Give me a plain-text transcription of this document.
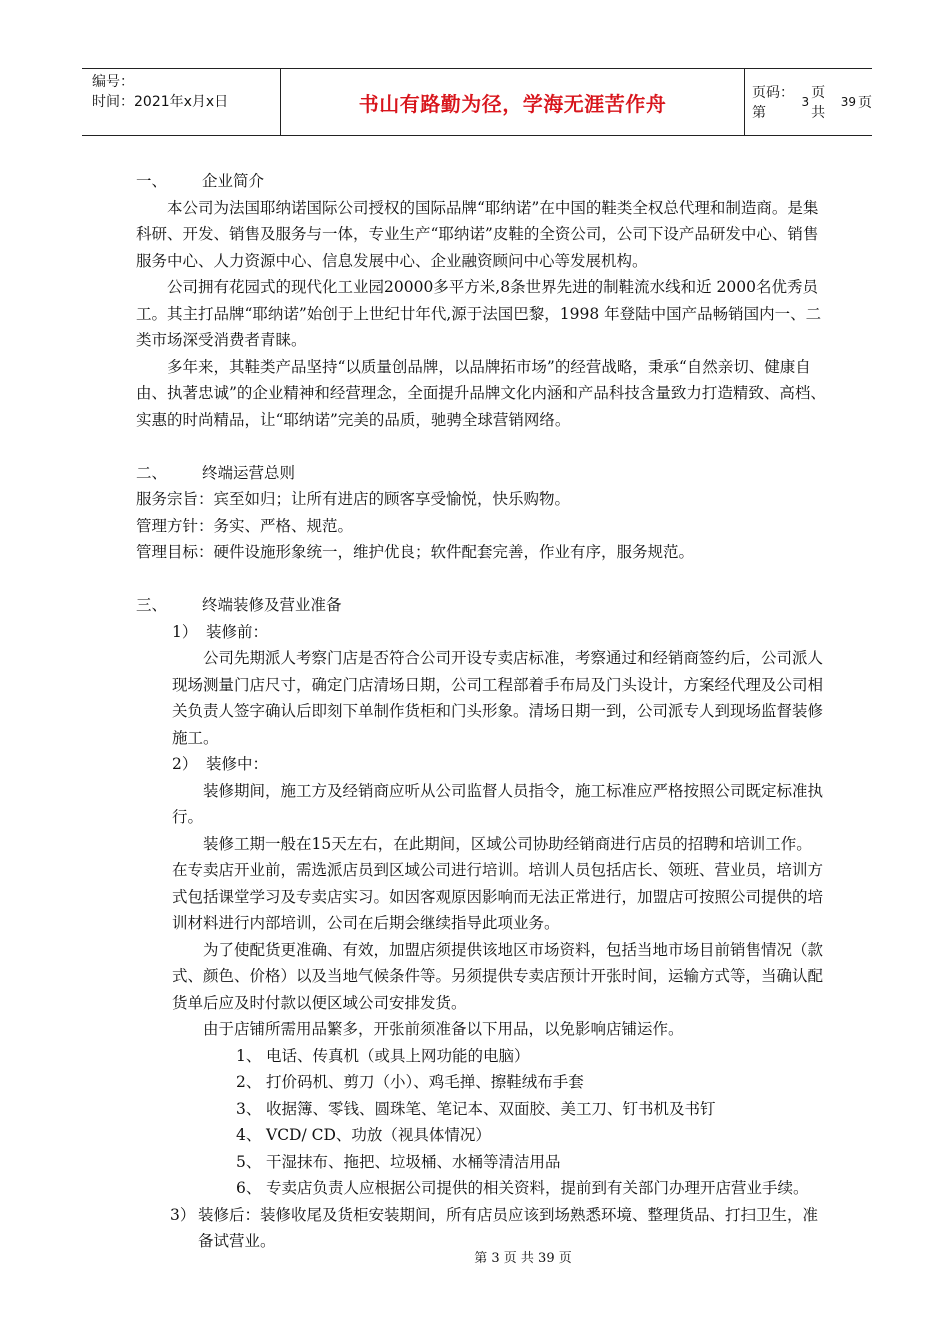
编号：
时间：2021年x月x日	书山有路勤为径，学海无涯苦作舟	页码：第
3
页 共
39 页

一、 企业简介

本公司为法国耶纳诺国际公司授权的国际品牌“耶纳诺”在中国的鞋类全权总代理和制造商。是集科研、开发、销售及服务与一体，专业生产“耶纳诺”皮鞋的全资公司，公司下设产品研发中心、销售服务中心、人力资源中心、信息发展中心、企业融资顾问中心等发展机构。

公司拥有花园式的现代化工业园20000多平方米,8条世界先进的制鞋流水线和近 2000名优秀员工。其主打品牌“耶纳诺”始创于上世纪廿年代,源于法国巴黎，1998 年登陆中国产品畅销国内一、二类市场深受消费者青睐。

多年来，其鞋类产品坚持“以质量创品牌，以品牌拓市场”的经营战略，秉承“自然亲切、健康自由、执著忠诚”的企业精神和经营理念，全面提升品牌文化内涵和产品科技含量致力打造精致、高档、实惠的时尚精品，让“耶纳诺”完美的品质，驰骋全球营销网络。

二、 终端运营总则

服务宗旨：宾至如归；让所有进店的顾客享受愉悦，快乐购物。

管理方针：务实、严格、规范。

管理目标：硬件设施形象统一，维护优良；软件配套完善，作业有序，服务规范。

三、 终端装修及营业准备

1） 装修前：

公司先期派人考察门店是否符合公司开设专卖店标准，考察通过和经销商签约后，公司派人现场测量门店尺寸，确定门店清场日期，公司工程部着手布局及门头设计，方案经代理及公司相关负责人签字确认后即刻下单制作货柜和门头形象。清场日期一到，公司派专人到现场监督装修施工。

2） 装修中：

装修期间，施工方及经销商应听从公司监督人员指令，施工标准应严格按照公司既定标准执行。

装修工期一般在15天左右，在此期间，区域公司协助经销商进行店员的招聘和培训工作。在专卖店开业前，需选派店员到区域公司进行培训。培训人员包括店长、领班、营业员，培训方式包括课堂学习及专卖店实习。如因客观原因影响而无法正常进行，加盟店可按照公司提供的培训材料进行内部培训，公司在后期会继续指导此项业务。

为了使配货更准确、有效，加盟店须提供该地区市场资料，包括当地市场目前销售情况（款式、颜色、价格）以及当地气候条件等。另须提供专卖店预计开张时间，运输方式等，当确认配货单后应及时付款以便区域公司安排发货。

由于店铺所需用品繁多，开张前须准备以下用品，以免影响店铺运作。

1、 电话、传真机（或具上网功能的电脑）

2、 打价码机、剪刀（小）、鸡毛掸、擦鞋绒布手套

3、 收据簿、零钱、圆珠笔、笔记本、双面胶、美工刀、钉书机及书钉

4、 VCD/ CD、功放（视具体情况）

5、 干湿抹布、拖把、垃圾桶、水桶等清洁用品

6、 专卖店负责人应根据公司提供的相关资料，提前到有关部门办理开店营业手续。

3） 装修后：装修收尾及货柜安装期间，所有店员应该到场熟悉环境、整理货品、打扫卫生，准备试营业。

第 3 页 共 39 页
